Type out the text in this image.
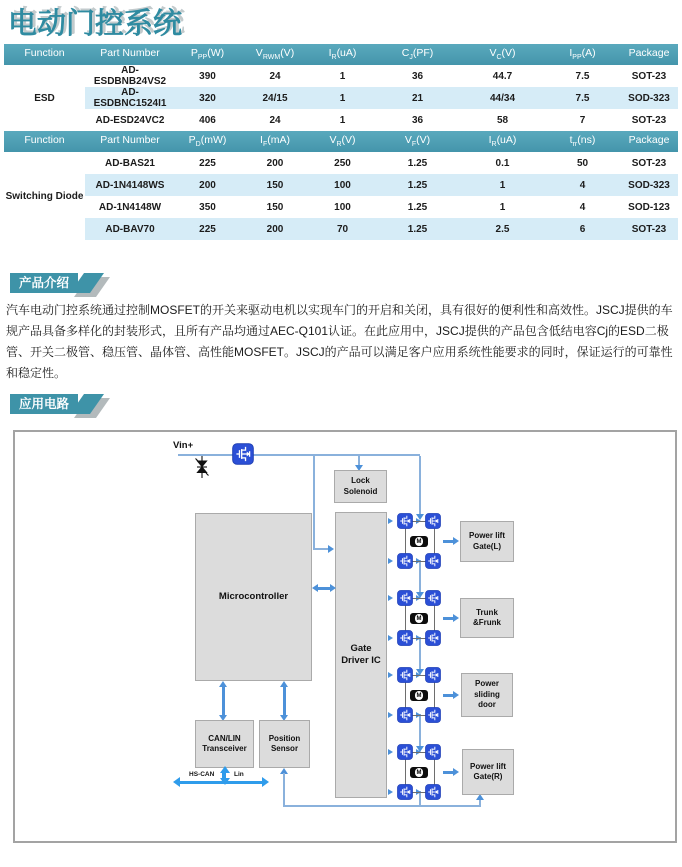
电动门控系统
Function	Part Number	$P_{PP}(W)$	$V_{RWM}(V)$	$I_R(uA)$	$C_J(PF)$	$V_C(V)$	$I_{PP}(A)$	Package
ESD	AD-ESDBNB24VS2	390	24	1	36	44.7	7.5	SOT-23
	AD-ESDBNC1524I1	320	24/15	1	21	44/34	7.5	SOD-323
	AD-ESD24VC2	406	24	1	36	58	7	SOT-23
Function	Part Number	$P_D(mW)$	$I_F(mA)$	$V_R(V)$	$V_F(V)$	$I_R(uA)$	$t_{rr}(ns)$	Package
Switching Diode	AD-BAS21	225	200	250	1.25	0.1	50	SOT-23
	AD-1N4148WS	200	150	100	1.25	1	4	SOD-323
	AD-1N4148W	350	150	100	1.25	1	4	SOD-123
	AD-BAV70	225	200	70	1.25	2.5	6	SOT-23
产品介绍

汽车电动门控系统通过控制MOSFET的开关来驱动电机以实现车门的开启和关闭，具有很好的便利性和高效性。JSCJ提供的车规产品具备多样化的封装形式，且所有产品均通过AEC-Q101认证。在此应用中，JSCJ提供的产品包含低结电容Cj的ESD二极管、开关二极管、稳压管、晶体管、高性能MOSFET。JSCJ的产品可以满足客户应用系统性能要求的同时，保证运行的可靠性和稳定性。

应用电路
Vin+
Lock Solenoid
Microcontroller
Gate Driver IC
CAN/LIN Transceiver
Position Sensor
HS-CAN	Lin
M
Power lift Gate(L)
M
Trunk &Frunk
M
Power sliding door
M
Power lift Gate(R)
